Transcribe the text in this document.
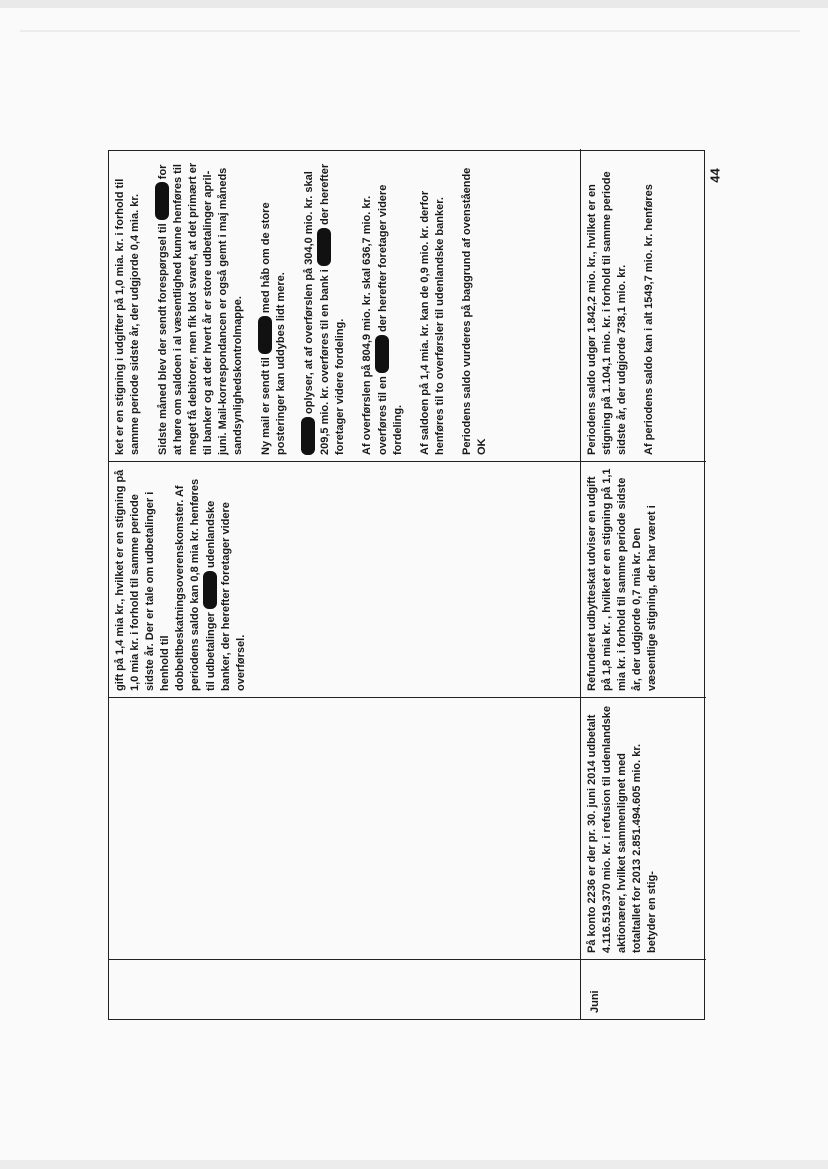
gift på 1,4 mia kr., hvilket er en stigning på 1,0 mia kr. i forhold til samme periode sidste år. Der er tale om udbetalinger i henhold til dobbeltbeskatningsoverenskomster. Af periodens saldo kan 0,8 mia kr. henføres til udbetalinger  udenlandske banker, der herefter foretager videre overførsel.

ket er en stigning i udgifter på 1,0 mia. kr. i forhold til samme periode sidste år, der udgjorde 0,4 mia. kr. Sidste måned blev der sendt forespørgsel til  for at høre om saldoen i al væsentlighed kunne henføres til meget få debitorer, men fik blot svaret, at det primært er til banker og at der hvert år er store udbetalinger april-juni. Mail-korrespondancen er også gemt i maj måneds sandsynlighedskontrolmappe. Ny mail er sendt til  med håb om de store posteringer kan uddybes lidt mere. oplyser, at af overførslen på 304,0 mio. kr. skal 209,5 mio. kr. overføres til en bank i  der herefter foretager videre fordeling. Af overførslen på 804,9 mio. kr. skal 636,7 mio. kr. overføres til en  der herefter foretager videre fordeling. Af saldoen på 1,4 mia. kr. kan de 0,9 mio. kr. derfor henføres til to overførsler til udenlandske banker. Periodens saldo vurderes på baggrund af ovenstående OK

Juni

På konto 2236 er der pr. 30. juni 2014 udbetalt 4.116.519.370 mio. kr. i refusion til udenlandske aktionærer, hvilket sammenlignet med totaltallet for 2013 2.851.494.605 mio. kr. betyder en stig-

Refunderet udbytteskat udviser en udgift på 1,8 mia kr. , hvilket er en stigning på 1,1 mia kr. i forhold til samme periode sidste år, der udgjorde 0,7 mia kr. Den væsentlige stigning, der har været i

Periodens saldo udgør 1.842,2 mio. kr., hvilket er en stigning på 1.104,1 mio. kr. i forhold til samme periode sidste år, der udgjorde 738,1 mio. kr. Af periodens saldo kan i alt 1549,7 mio. kr. henføres

44
